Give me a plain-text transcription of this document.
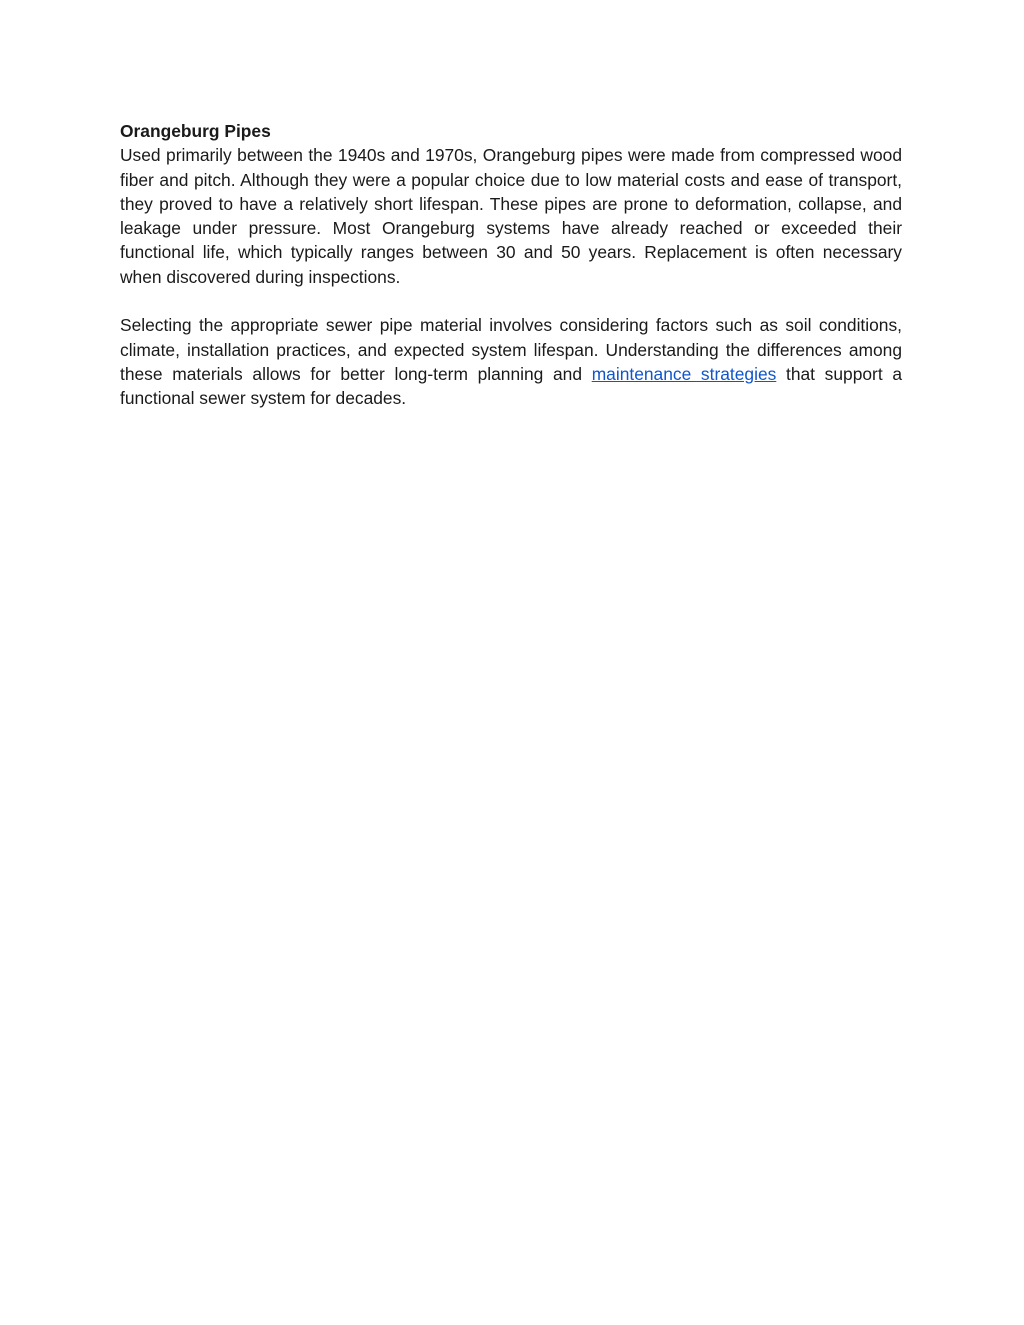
Orangeburg Pipes

Used primarily between the 1940s and 1970s, Orangeburg pipes were made from compressed wood fiber and pitch. Although they were a popular choice due to low material costs and ease of transport, they proved to have a relatively short lifespan. These pipes are prone to deformation, collapse, and leakage under pressure. Most Orangeburg systems have already reached or exceeded their functional life, which typically ranges between 30 and 50 years. Replacement is often necessary when discovered during inspections.

Selecting the appropriate sewer pipe material involves considering factors such as soil conditions, climate, installation practices, and expected system lifespan. Understanding the differences among these materials allows for better long-term planning and maintenance strategies that support a functional sewer system for decades.
